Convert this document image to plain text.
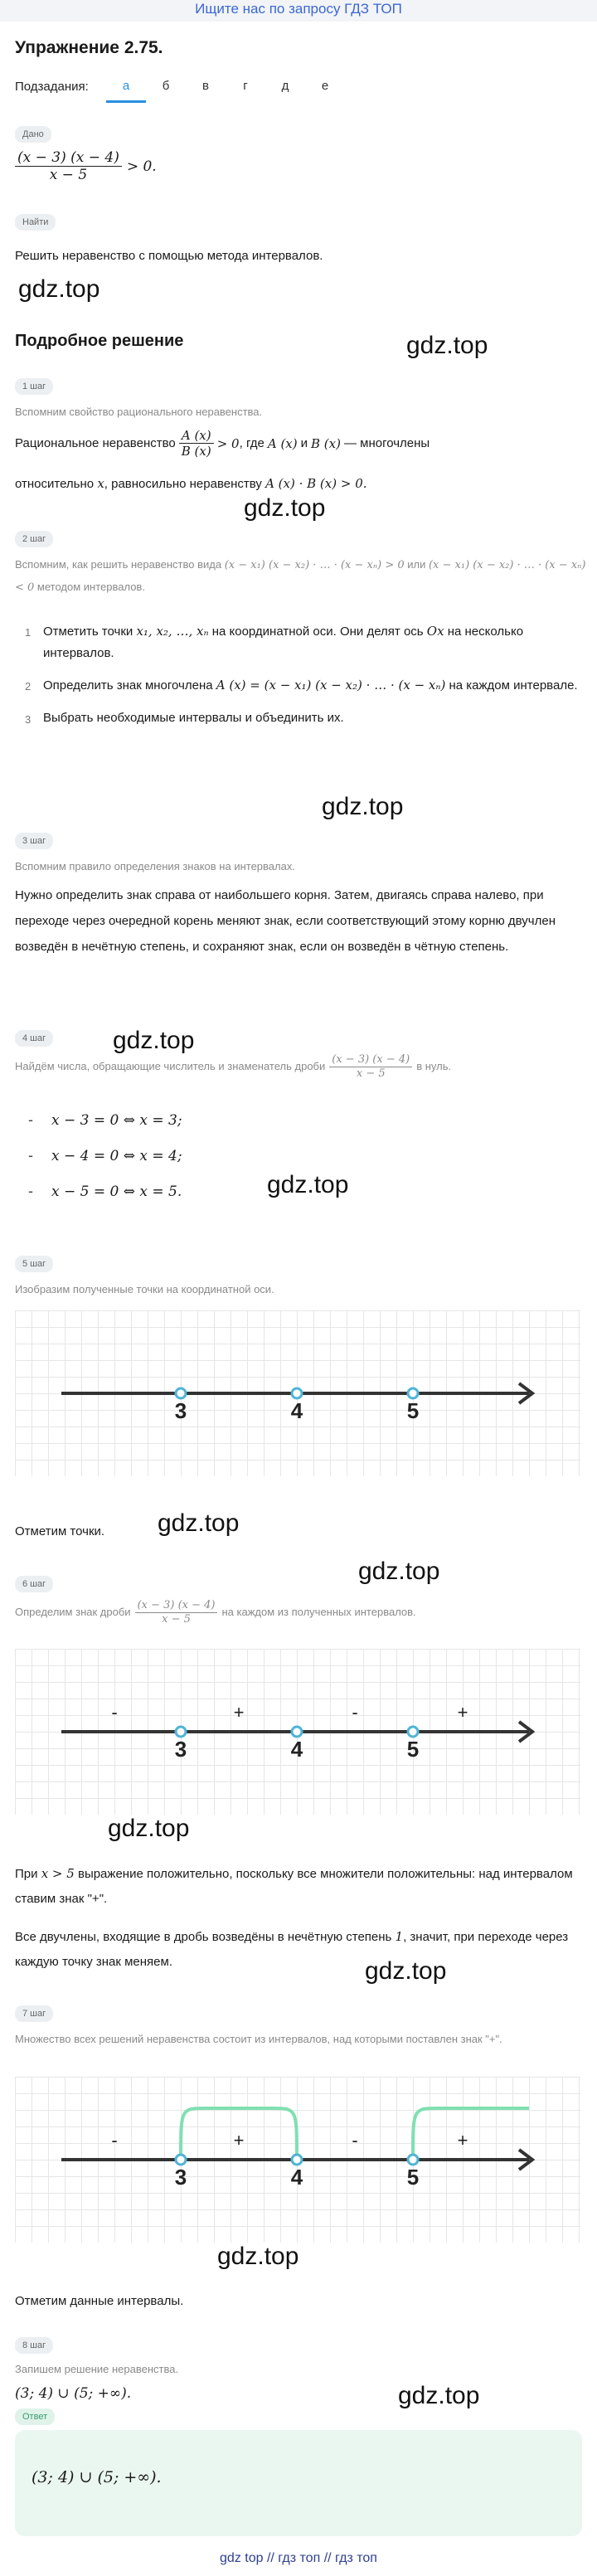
Ищите нас по запросу ГДЗ ТОП
Упражнение 2.75.
Подзадания:	а	б	в	г	д	е
Дано
$\frac{(x - 3) (x - 4)}{x - 5} > 0$.
Найти
Решить неравенство с помощью метода интервалов.
gdz.top
Подробное решение	gdz.top
1 шаг
Вспомним свойство рационального неравенства.
Рациональное неравенство $\frac{A (x)}{B (x)} > 0$ , где A (x) и B (x) — многочлены
относительно x, равносильно неравенству A (x) · B (x) > 0.
gdz.top
2 шаг
Вспомним, как решить неравенство вида (x − x₁) (x − x₂) · … · (x − xₙ) > 0 или (x − x₁) (x − x₂) · … · (x − xₙ) < 0 методом интервалов.
1 Отметить точки x₁, x₂, …, xₙ на координатной оси. Они делят ось Ox на несколько интервалов.
2 Определить знак многочлена A (x) = (x − x₁) (x − x₂) · … · (x − xₙ) на каждом интервале.
3 Выбрать необходимые интервалы и объединить их.
gdz.top
3 шаг
Вспомним правило определения знаков на интервалах.
Нужно определить знак справа от наибольшего корня. Затем, двигаясь справа налево, при переходе через очередной корень меняют знак, если соответствующий этому корню двучлен возведён в нечётную степень, и сохраняют знак, если он возведён в чётную степень.
4 шаг	gdz.top
Найдём числа, обращающие числитель и знаменатель дроби $\frac{(x - 3) (x - 4)}{x - 5}$ в нуль.
-	x − 3 = 0 ⇔ x = 3;
-	x − 4 = 0 ⇔ x = 4;
-	x − 5 = 0 ⇔ x = 5.	gdz.top
5 шаг
Изобразим полученные точки на координатной оси.
3	4	5
Отметим точки. gdz.top
gdz.top
6 шаг
Определим знак дроби $\frac{(x - 3) (x - 4)}{x - 5}$ на каждом из полученных интервалов.
-	+	-	+
3	4	5
gdz.top
При x > 5 выражение положительно, поскольку все множители положительны: над интервалом ставим знак "+".
Все двучлены, входящие в дробь возведёны в нечётную степень 1, значит, при переходе через каждую точку знак меняем.	gdz.top
7 шаг
Множество всех решений неравенства состоит из интервалов, над которыми поставлен знак "+".
-	+	-	+
3	4	5
gdz.top
Отметим данные интервалы.
8 шаг
Запишем решение неравенства.
(3; 4) ∪ (5; +∞).	gdz.top
Ответ
(3; 4) ∪ (5; +∞).
gdz top // гдз топ // гдз топ
